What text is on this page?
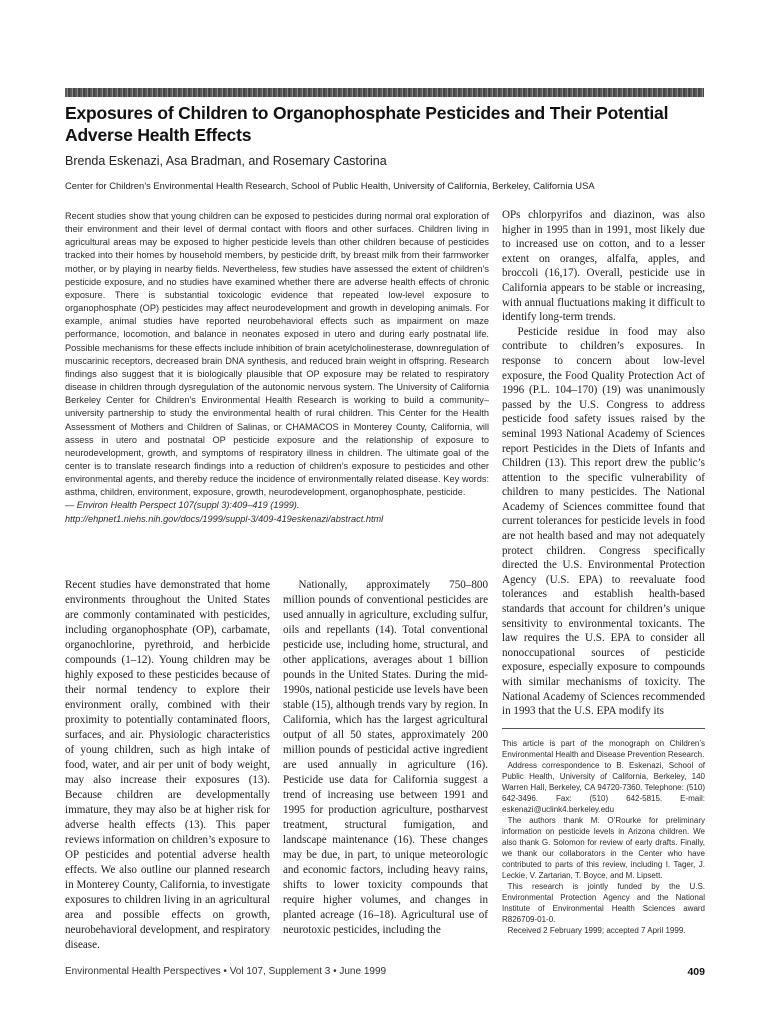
Exposures of Children to Organophosphate Pesticides and Their Potential Adverse Health Effects
Brenda Eskenazi, Asa Bradman, and Rosemary Castorina
Center for Children’s Environmental Health Research, School of Public Health, University of California, Berkeley, California USA

Recent studies show that young children can be exposed to pesticides during normal oral exploration of their environment and their level of dermal contact with floors and other surfaces. Children living in agricultural areas may be exposed to higher pesticide levels than other children because of pesticides tracked into their homes by household members, by pesticide drift, by breast milk from their farmworker mother, or by playing in nearby fields. Nevertheless, few studies have assessed the extent of children’s pesticide exposure, and no studies have examined whether there are adverse health effects of chronic exposure. There is substantial toxicologic evidence that repeated low-level exposure to organophosphate (OP) pesticides may affect neurodevelopment and growth in developing animals. For example, animal studies have reported neurobehavioral effects such as impairment on maze performance, locomotion, and balance in neonates exposed in utero and during early postnatal life. Possible mechanisms for these effects include inhibition of brain acetylcholinesterase, downregulation of muscarinic receptors, decreased brain DNA synthesis, and reduced brain weight in offspring. Research findings also suggest that it is biologically plausible that OP exposure may be related to respiratory disease in children through dysregulation of the autonomic nervous system. The University of California Berkeley Center for Children’s Environmental Health Research is working to build a community–university partnership to study the environmental health of rural children. This Center for the Health Assessment of Mothers and Children of Salinas, or CHAMACOS in Monterey County, California, will assess in utero and postnatal OP pesticide exposure and the relationship of exposure to neurodevelopment, growth, and symptoms of respiratory illness in children. The ultimate goal of the center is to translate research findings into a reduction of children’s exposure to pesticides and other environmental agents, and thereby reduce the incidence of environmentally related disease. Key words: asthma, children, environment, exposure, growth, neurodevelopment, organophosphate, pesticide.

— Environ Health Perspect 107(suppl 3):409–419 (1999).

http://ehpnet1.niehs.nih.gov/docs/1999/suppl-3/409-419eskenazi/abstract.html

Recent studies have demonstrated that home environments throughout the United States are commonly contaminated with pesticides, including organophosphate (OP), carbamate, organochlorine, pyrethroid, and herbicide compounds (1–12). Young children may be highly exposed to these pesticides because of their normal tendency to explore their environment orally, combined with their proximity to potentially contaminated floors, surfaces, and air. Physiologic characteristics of young children, such as high intake of food, water, and air per unit of body weight, may also increase their exposures (13). Because children are developmentally immature, they may also be at higher risk for adverse health effects (13). This paper reviews information on children’s exposure to OP pesticides and potential adverse health effects. We also outline our planned research in Monterey County, California, to investigate exposures to children living in an agricultural area and possible effects on growth, neurobehavioral development, and respiratory disease.

Nationally, approximately 750–800 million pounds of conventional pesticides are used annually in agriculture, excluding sulfur, oils and repellants (14). Total conventional pesticide use, including home, structural, and other applications, averages about 1 billion pounds in the United States. During the mid-1990s, national pesticide use levels have been stable (15), although trends vary by region. In California, which has the largest agricultural output of all 50 states, approximately 200 million pounds of pesticidal active ingredient are used annually in agriculture (16). Pesticide use data for California suggest a trend of increasing use between 1991 and 1995 for production agriculture, postharvest treatment, structural fumigation, and landscape maintenance (16). These changes may be due, in part, to unique meteorologic and economic factors, including heavy rains, shifts to lower toxicity compounds that require higher volumes, and changes in planted acreage (16–18). Agricultural use of neurotoxic pesticides, including the

OPs chlorpyrifos and diazinon, was also higher in 1995 than in 1991, most likely due to increased use on cotton, and to a lesser extent on oranges, alfalfa, apples, and broccoli (16,17). Overall, pesticide use in California appears to be stable or increasing, with annual fluctuations making it difficult to identify long-term trends.

Pesticide residue in food may also contribute to children’s exposures. In response to concern about low-level exposure, the Food Quality Protection Act of 1996 (P.L. 104–170) (19) was unanimously passed by the U.S. Congress to address pesticide food safety issues raised by the seminal 1993 National Academy of Sciences report Pesticides in the Diets of Infants and Children (13). This report drew the public’s attention to the specific vulnerability of children to many pesticides. The National Academy of Sciences committee found that current tolerances for pesticide levels in food are not health based and may not adequately protect children. Congress specifically directed the U.S. Environmental Protection Agency (U.S. EPA) to reevaluate food tolerances and establish health-based standards that account for children’s unique sensitivity to environmental toxicants. The law requires the U.S. EPA to consider all nonoccupational sources of pesticide exposure, especially exposure to compounds with similar mechanisms of toxicity. The National Academy of Sciences recommended in 1993 that the U.S. EPA modify its

This article is part of the monograph on Children’s Environmental Health and Disease Prevention Research.

Address correspondence to B. Eskenazi, School of Public Health, University of California, Berkeley, 140 Warren Hall, Berkeley, CA 94720-7360. Telephone: (510) 642-3496. Fax: (510) 642-5815. E-mail: eskenazi@uclink4.berkeley.edu

The authors thank M. O’Rourke for preliminary information on pesticide levels in Arizona children. We also thank G. Solomon for review of early drafts. Finally, we thank our collaborators in the Center who have contributed to parts of this review, including I. Tager, J. Leckie, V. Zartarian, T. Boyce, and M. Lipsett.

This research is jointly funded by the U.S. Environmental Protection Agency and the National Institute of Environmental Health Sciences award R826709-01-0.

Received 2 February 1999; accepted 7 April 1999.

Environmental Health Perspectives • Vol 107, Supplement 3 • June 1999	409
